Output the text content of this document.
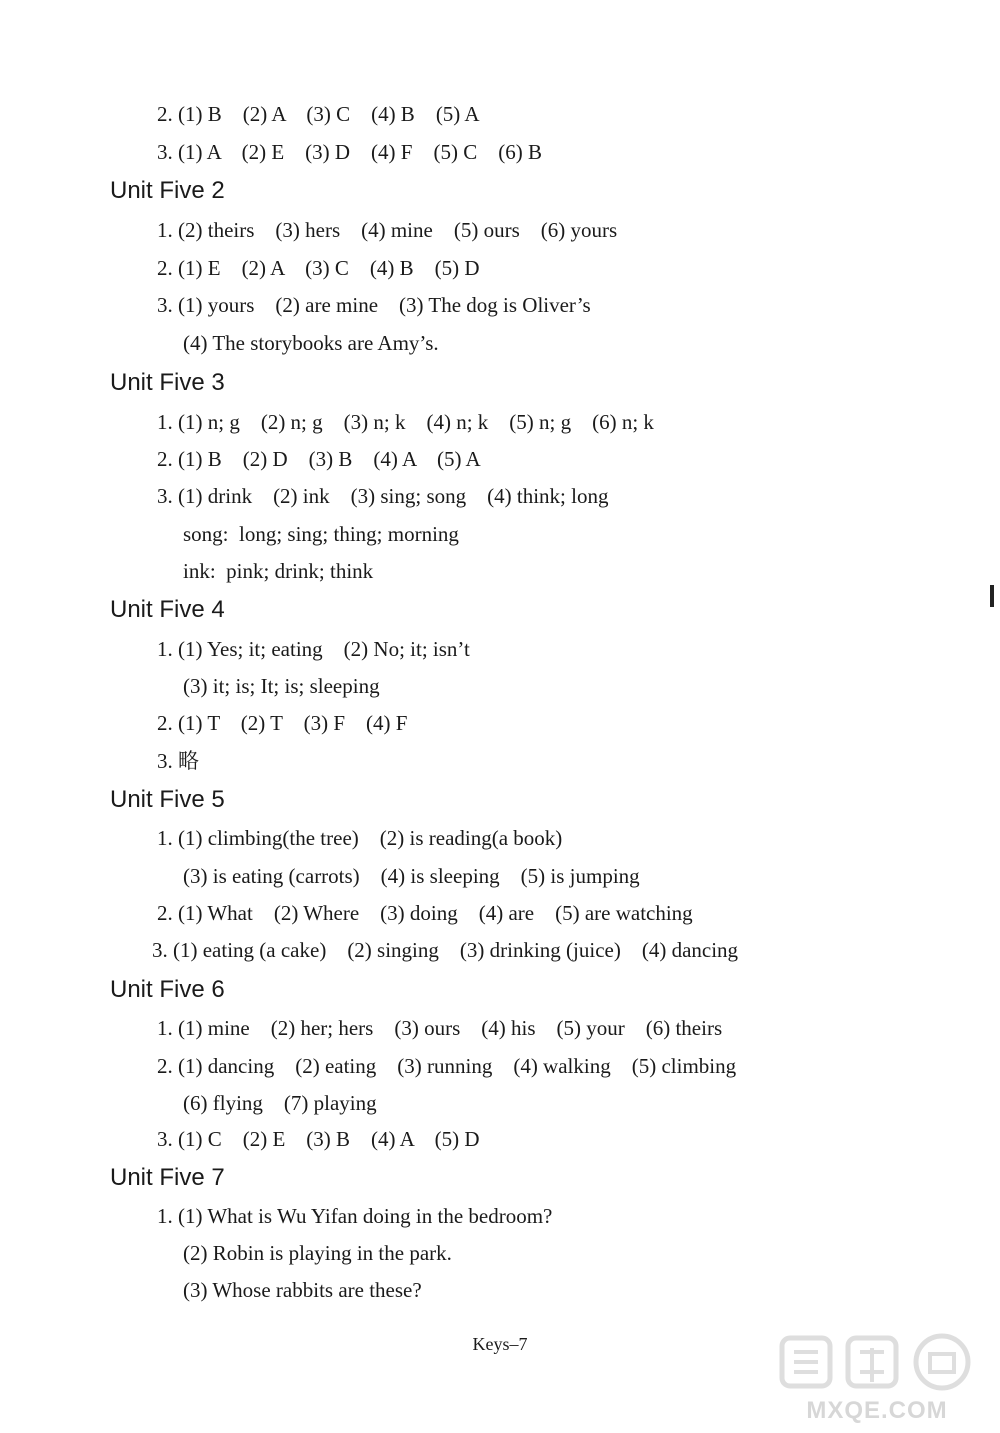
2. (1) B    (2) A    (3) C    (4) B    (5) A
3. (1) A    (2) E    (3) D    (4) F    (5) C    (6) B
Unit Five 2
1. (2) theirs    (3) hers    (4) mine    (5) ours    (6) yours
2. (1) E    (2) A    (3) C    (4) B    (5) D
3. (1) yours    (2) are mine    (3) The dog is Oliver’s
(4) The storybooks are Amy’s.
Unit Five 3
1. (1) n; g    (2) n; g    (3) n; k    (4) n; k    (5) n; g    (6) n; k
2. (1) B    (2) D    (3) B    (4) A    (5) A
3. (1) drink    (2) ink    (3) sing; song    (4) think; long
song:  long; sing; thing; morning
ink:  pink; drink; think
Unit Five 4
1. (1) Yes; it; eating    (2) No; it; isn’t
(3) it; is; It; is; sleeping
2. (1) T    (2) T    (3) F    (4) F
3. 略
Unit Five 5
1. (1) climbing(the tree)    (2) is reading(a book)
(3) is eating (carrots)    (4) is sleeping    (5) is jumping
2. (1) What    (2) Where    (3) doing    (4) are    (5) are watching
3. (1) eating (a cake)    (2) singing    (3) drinking (juice)    (4) dancing
Unit Five 6
1. (1) mine    (2) her; hers    (3) ours    (4) his    (5) your    (6) theirs
2. (1) dancing    (2) eating    (3) running    (4) walking    (5) climbing
(6) flying    (7) playing
3. (1) C    (2) E    (3) B    (4) A    (5) D
Unit Five 7
1. (1) What is Wu Yifan doing in the bedroom?
(2) Robin is playing in the park.
(3) Whose rabbits are these?
Keys–7
MXQE.COM
